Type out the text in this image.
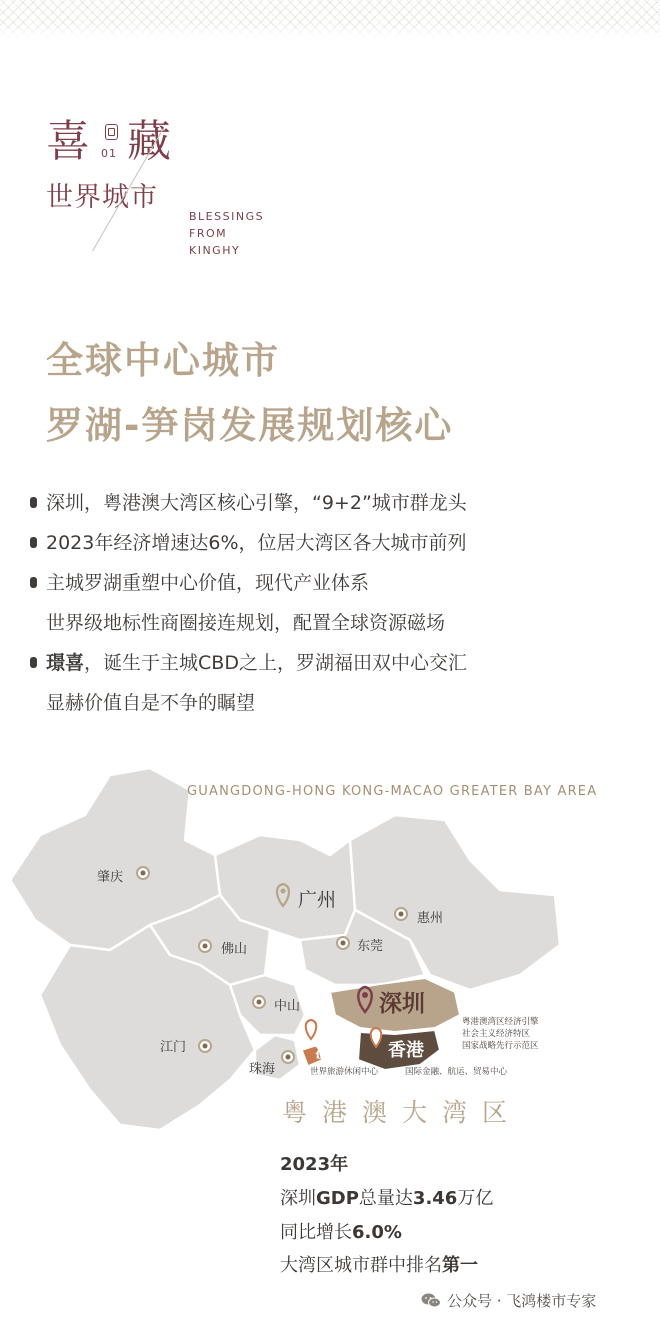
喜 01 藏
世界城市
BLESSINGS
FROM
KINGHY
全球中心城市
罗湖-笋岗发展规划核心
深圳，粤港澳大湾区核心引擎，“9+2”城市群龙头
2023年经济增速达6%，位居大湾区各大城市前列
主城罗湖重塑中心价值，现代产业体系
世界级地标性商圈接连规划，配置全球资源磁场
璟喜，诞生于主城CBD之上，罗湖福田双中心交汇
显赫价值自是不争的瞩望
GUANGDONG-HONG KONG-MACAO GREATER BAY AREA
肇庆
广州
惠州
佛山	东莞
中山	深圳
江门	澳门 香港
珠海
粤港澳湾区经济引擎
社会主义经济特区
国家战略先行示范区
世界旅游休闲中心	国际金融、航运、贸易中心
粤港澳大湾区
2023年
深圳GDP总量达3.46万亿
同比增长6.0%
大湾区城市群中排名第一
公众号 · 飞鸿楼市专家
